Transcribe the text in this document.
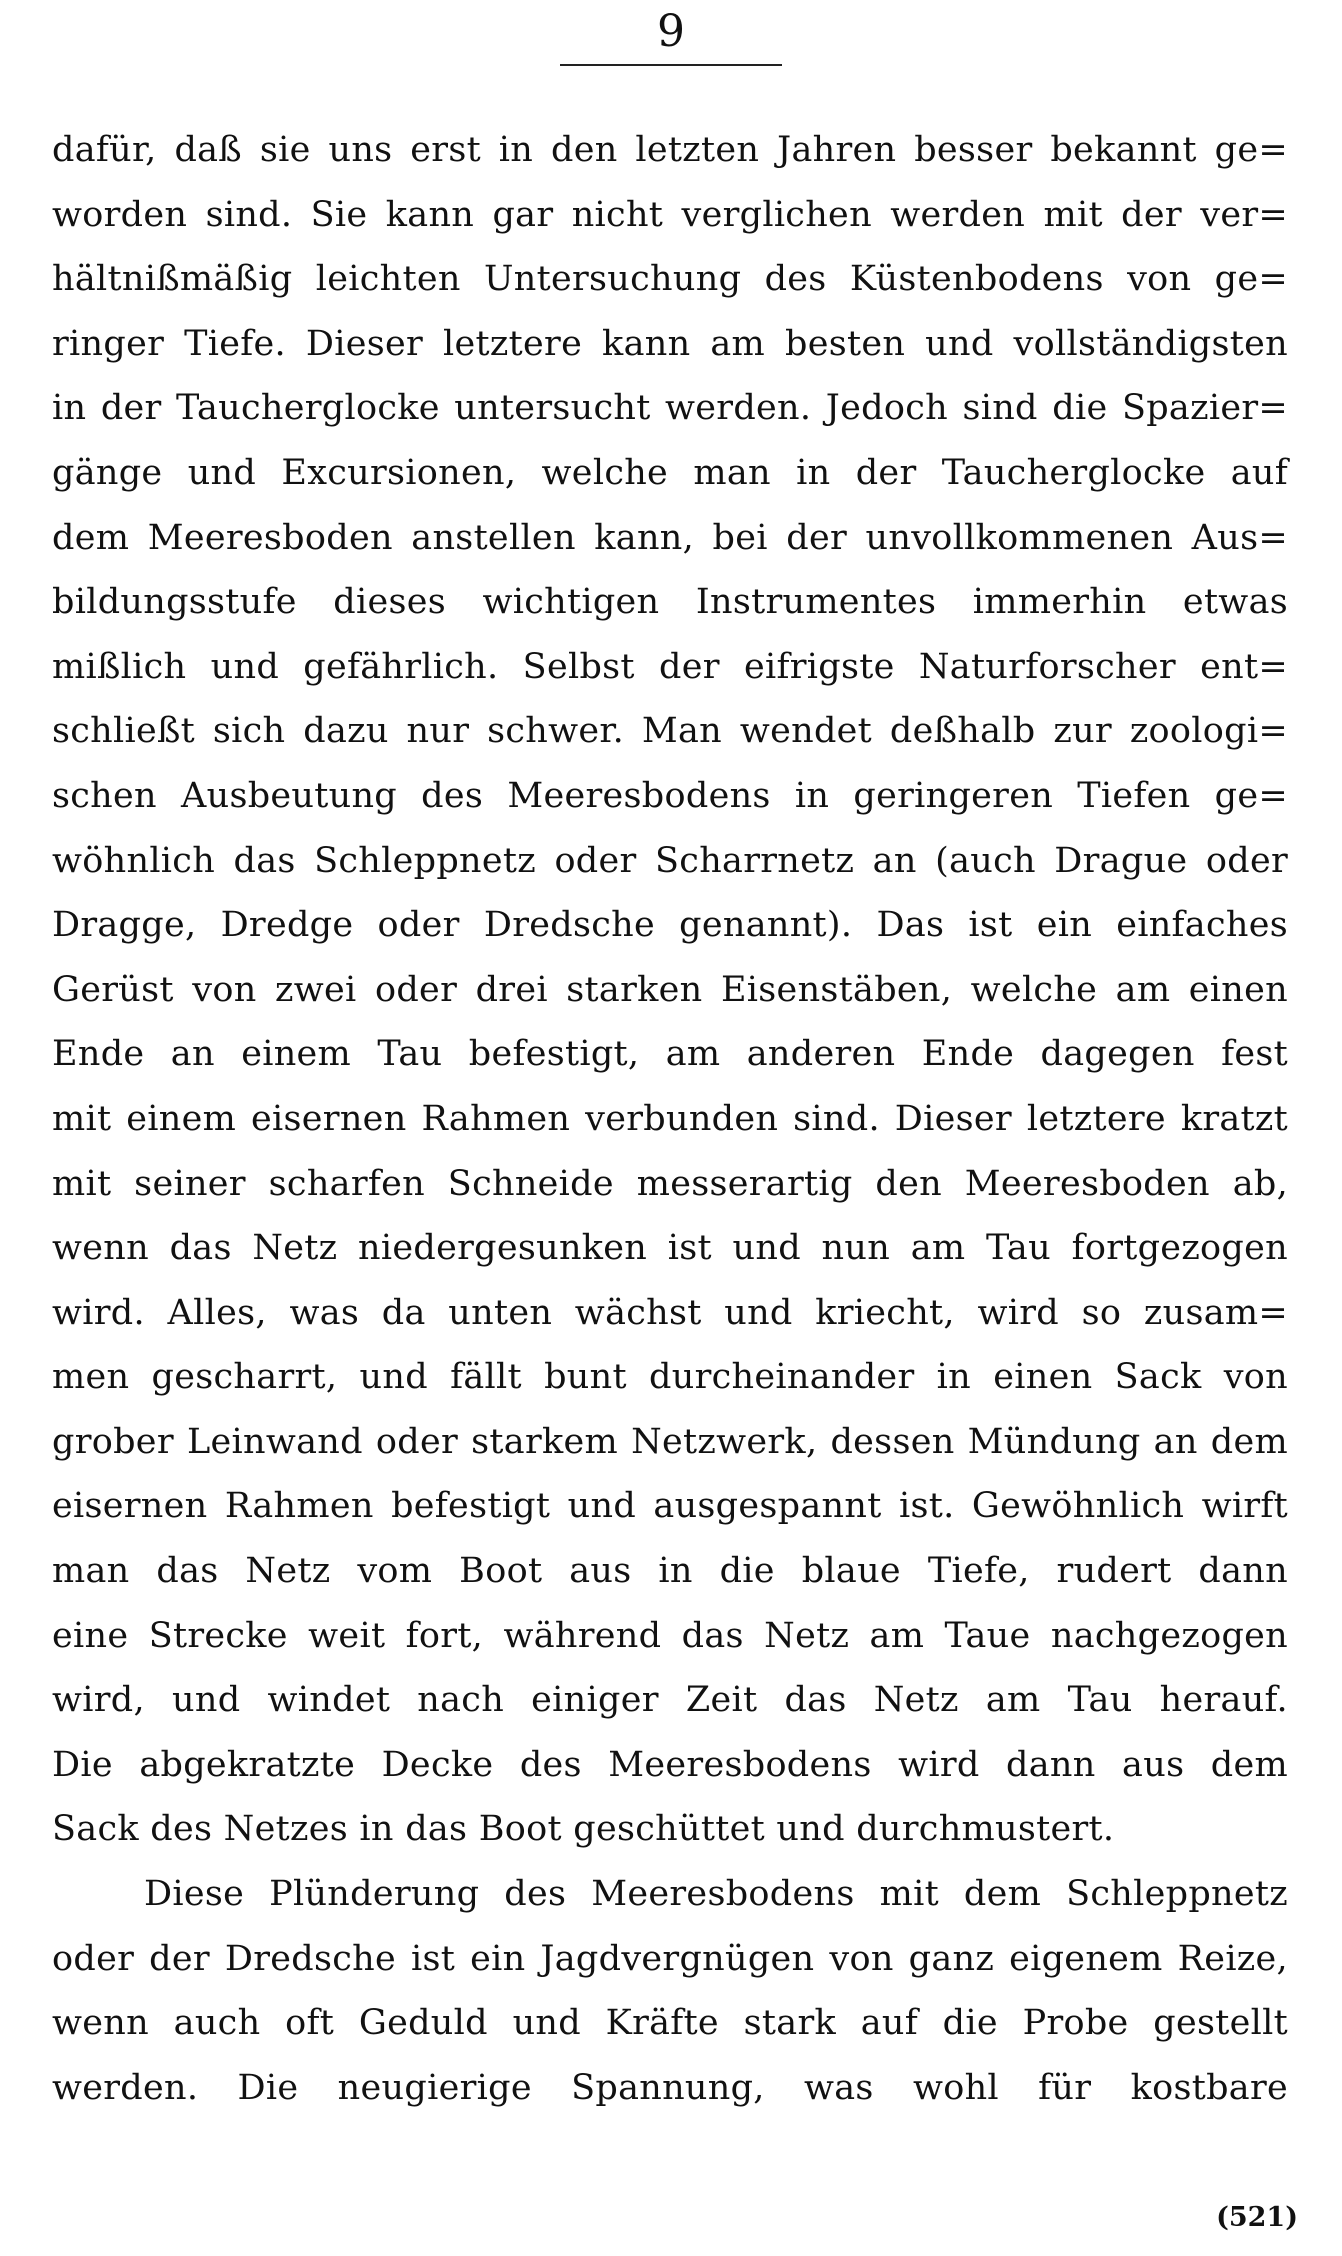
9
dafür, daß sie uns erst in den letzten Jahren besser bekannt ge=
worden sind. Sie kann gar nicht verglichen werden mit der ver=
hältnißmäßig leichten Untersuchung des Küstenbodens von ge=
ringer Tiefe. Dieser letztere kann am besten und vollständigsten
in der Taucherglocke untersucht werden. Jedoch sind die Spazier=
gänge und Excursionen, welche man in der Taucherglocke auf
dem Meeresboden anstellen kann, bei der unvollkommenen Aus=
bildungsstufe dieses wichtigen Instrumentes immerhin etwas
mißlich und gefährlich. Selbst der eifrigste Naturforscher ent=
schließt sich dazu nur schwer. Man wendet deßhalb zur zoologi=
schen Ausbeutung des Meeresbodens in geringeren Tiefen ge=
wöhnlich das Schleppnetz oder Scharrnetz an (auch Drague oder
Dragge, Dredge oder Dredsche genannt). Das ist ein einfaches
Gerüst von zwei oder drei starken Eisenstäben, welche am einen
Ende an einem Tau befestigt, am anderen Ende dagegen fest
mit einem eisernen Rahmen verbunden sind. Dieser letztere kratzt
mit seiner scharfen Schneide messerartig den Meeresboden ab,
wenn das Netz niedergesunken ist und nun am Tau fortgezogen
wird. Alles, was da unten wächst und kriecht, wird so zusam=
men gescharrt, und fällt bunt durcheinander in einen Sack von
grober Leinwand oder starkem Netzwerk, dessen Mündung an dem
eisernen Rahmen befestigt und ausgespannt ist. Gewöhnlich wirft
man das Netz vom Boot aus in die blaue Tiefe, rudert dann
eine Strecke weit fort, während das Netz am Taue nachgezogen
wird, und windet nach einiger Zeit das Netz am Tau herauf.
Die abgekratzte Decke des Meeresbodens wird dann aus dem
Sack des Netzes in das Boot geschüttet und durchmustert.
Diese Plünderung des Meeresbodens mit dem Schleppnetz
oder der Dredsche ist ein Jagdvergnügen von ganz eigenem Reize,
wenn auch oft Geduld und Kräfte stark auf die Probe gestellt
werden. Die neugierige Spannung, was wohl für kostbare
(521)
